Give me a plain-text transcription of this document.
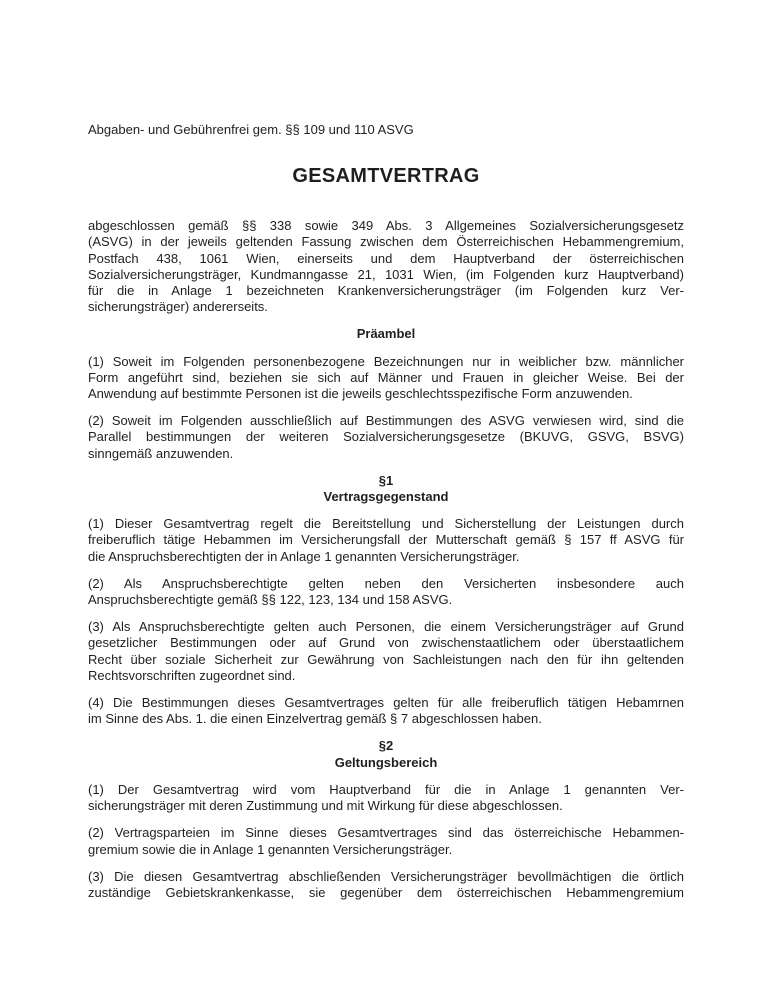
Abgaben- und Gebührenfrei gem. §§ 109 und 110 ASVG

GESAMTVERTRAG
abgeschlossen gemäß §§ 338 sowie 349 Abs. 3 Allgemeines Sozialversicherungsgesetz
(ASVG) in der jeweils geltenden Fassung zwischen dem Österreichischen Hebammengremium,
Postfach 438, 1061 Wien, einerseits und dem Hauptverband der österreichischen
Sozialversicherungsträger, Kundmanngasse 21, 1031 Wien, (im Folgenden kurz Hauptverband)
für die in Anlage 1 bezeichneten Krankenversicherungsträger (im Folgenden kurz Ver-
sicherungsträger) andererseits.
Präambel
(1) Soweit im Folgenden personenbezogene Bezeichnungen nur in weiblicher bzw. männlicher
Form angeführt sind, beziehen sie sich auf Männer und Frauen in gleicher Weise. Bei der
Anwendung auf bestimmte Personen ist die jeweils geschlechtsspezifische Form anzuwenden.
(2) Soweit im Folgenden ausschließlich auf Bestimmungen des ASVG verwiesen wird, sind die
Parallel bestimmungen der weiteren Sozialversicherungsgesetze (BKUVG, GSVG, BSVG)
sinngemäß anzuwenden.
§1
Vertragsgegenstand
(1) Dieser Gesamtvertrag regelt die Bereitstellung und Sicherstellung der Leistungen durch
freiberuflich tätige Hebammen im Versicherungsfall der Mutterschaft gemäß § 157 ff ASVG für
die Anspruchsberechtigten der in Anlage 1 genannten Versicherungsträger.
(2) Als Anspruchsberechtigte gelten neben den Versicherten insbesondere auch
Anspruchsberechtigte gemäß §§ 122, 123, 134 und 158 ASVG.
(3) Als Anspruchsberechtigte gelten auch Personen, die einem Versicherungsträger auf Grund
gesetzlicher Bestimmungen oder auf Grund von zwischenstaatlichem oder überstaatlichem
Recht über soziale Sicherheit zur Gewährung von Sachleistungen nach den für ihn geltenden
Rechtsvorschriften zugeordnet sind.
(4) Die Bestimmungen dieses Gesamtvertrages gelten für alle freiberuflich tätigen Hebamrnen
im Sinne des Abs. 1. die einen Einzelvertrag gemäß § 7 abgeschlossen haben.
§2
Geltungsbereich
(1) Der Gesamtvertrag wird vom Hauptverband für die in Anlage 1 genannten Ver-
sicherungsträger mit deren Zustimmung und mit Wirkung für diese abgeschlossen.
(2) Vertragsparteien im Sinne dieses Gesamtvertrages sind das österreichische Hebammen-
gremium sowie die in Anlage 1 genannten Versicherungsträger.
(3) Die diesen Gesamtvertrag abschließenden Versicherungsträger bevollmächtigen die örtlich
zuständige Gebietskrankenkasse, sie gegenüber dem österreichischen Hebammengremium
